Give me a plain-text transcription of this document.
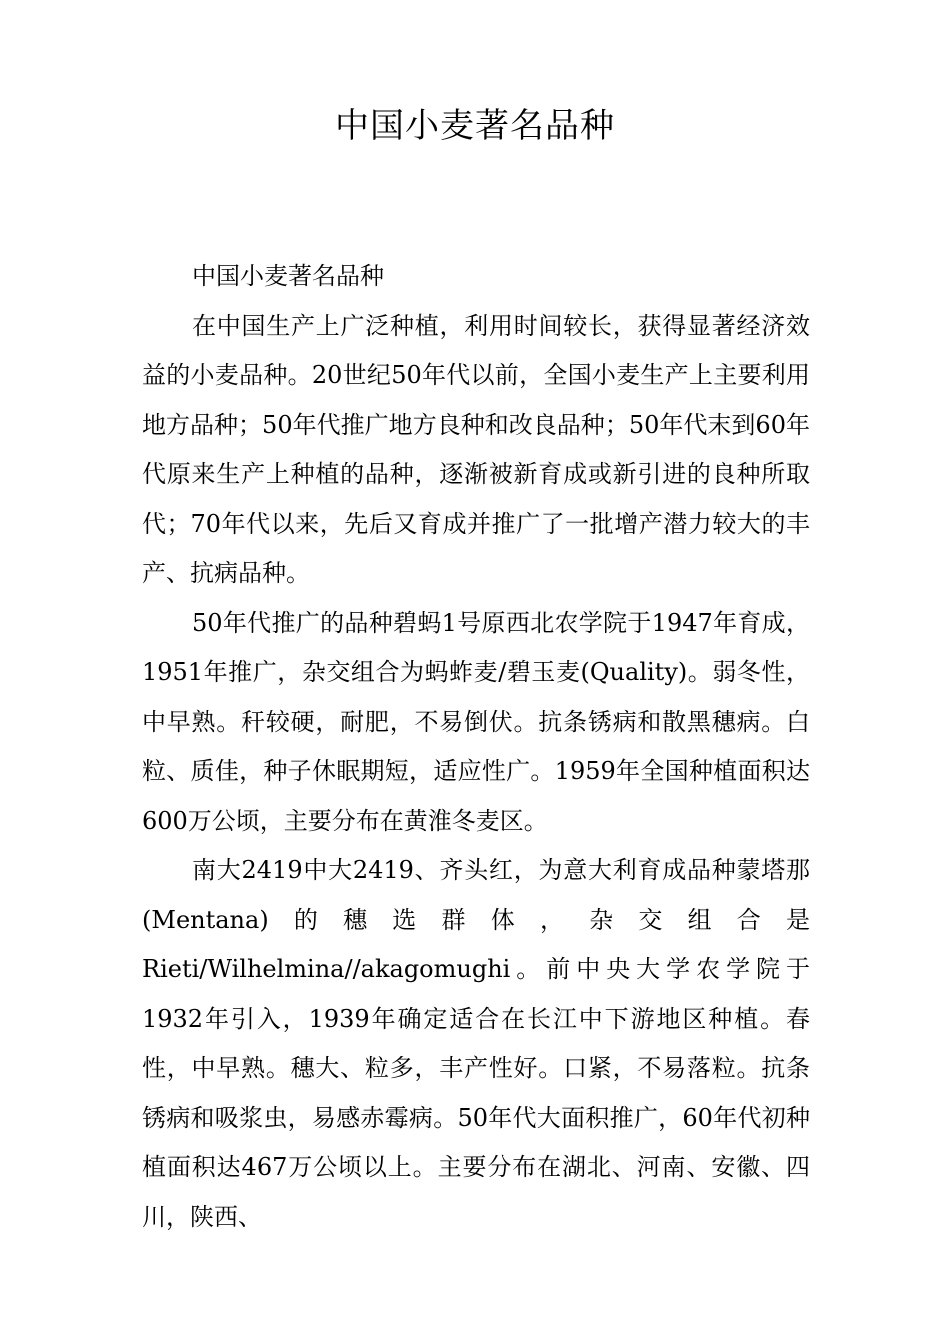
中国小麦著名品种

中国小麦著名品种

在中国生产上广泛种植，利用时间较长，获得显著经济效益的小麦品种。20世纪50年代以前，全国小麦生产上主要利用地方品种；50年代推广地方良种和改良品种；50年代末到60年代原来生产上种植的品种，逐渐被新育成或新引进的良种所取代；70年代以来，先后又育成并推广了一批增产潜力较大的丰产、抗病品种。

50年代推广的品种碧蚂1号原西北农学院于1947年育成，1951年推广，杂交组合为蚂蚱麦/碧玉麦(Quality)。弱冬性，中早熟。秆较硬，耐肥，不易倒伏。抗条锈病和散黑穗病。白粒、质佳，种子休眠期短，适应性广。1959年全国种植面积达600万公顷，主要分布在黄淮冬麦区。

南大2419中大2419、齐头红，为意大利育成品种蒙塔那(Mentana)的穗选群体，杂交组合是Rieti/Wilhelmina//akagomughi。前中央大学农学院于1932年引入，1939年确定适合在长江中下游地区种植。春性，中早熟。穗大、粒多，丰产性好。口紧，不易落粒。抗条锈病和吸浆虫，易感赤霉病。50年代大面积推广，60年代初种植面积达467万公顷以上。主要分布在湖北、河南、安徽、四川，陕西、
